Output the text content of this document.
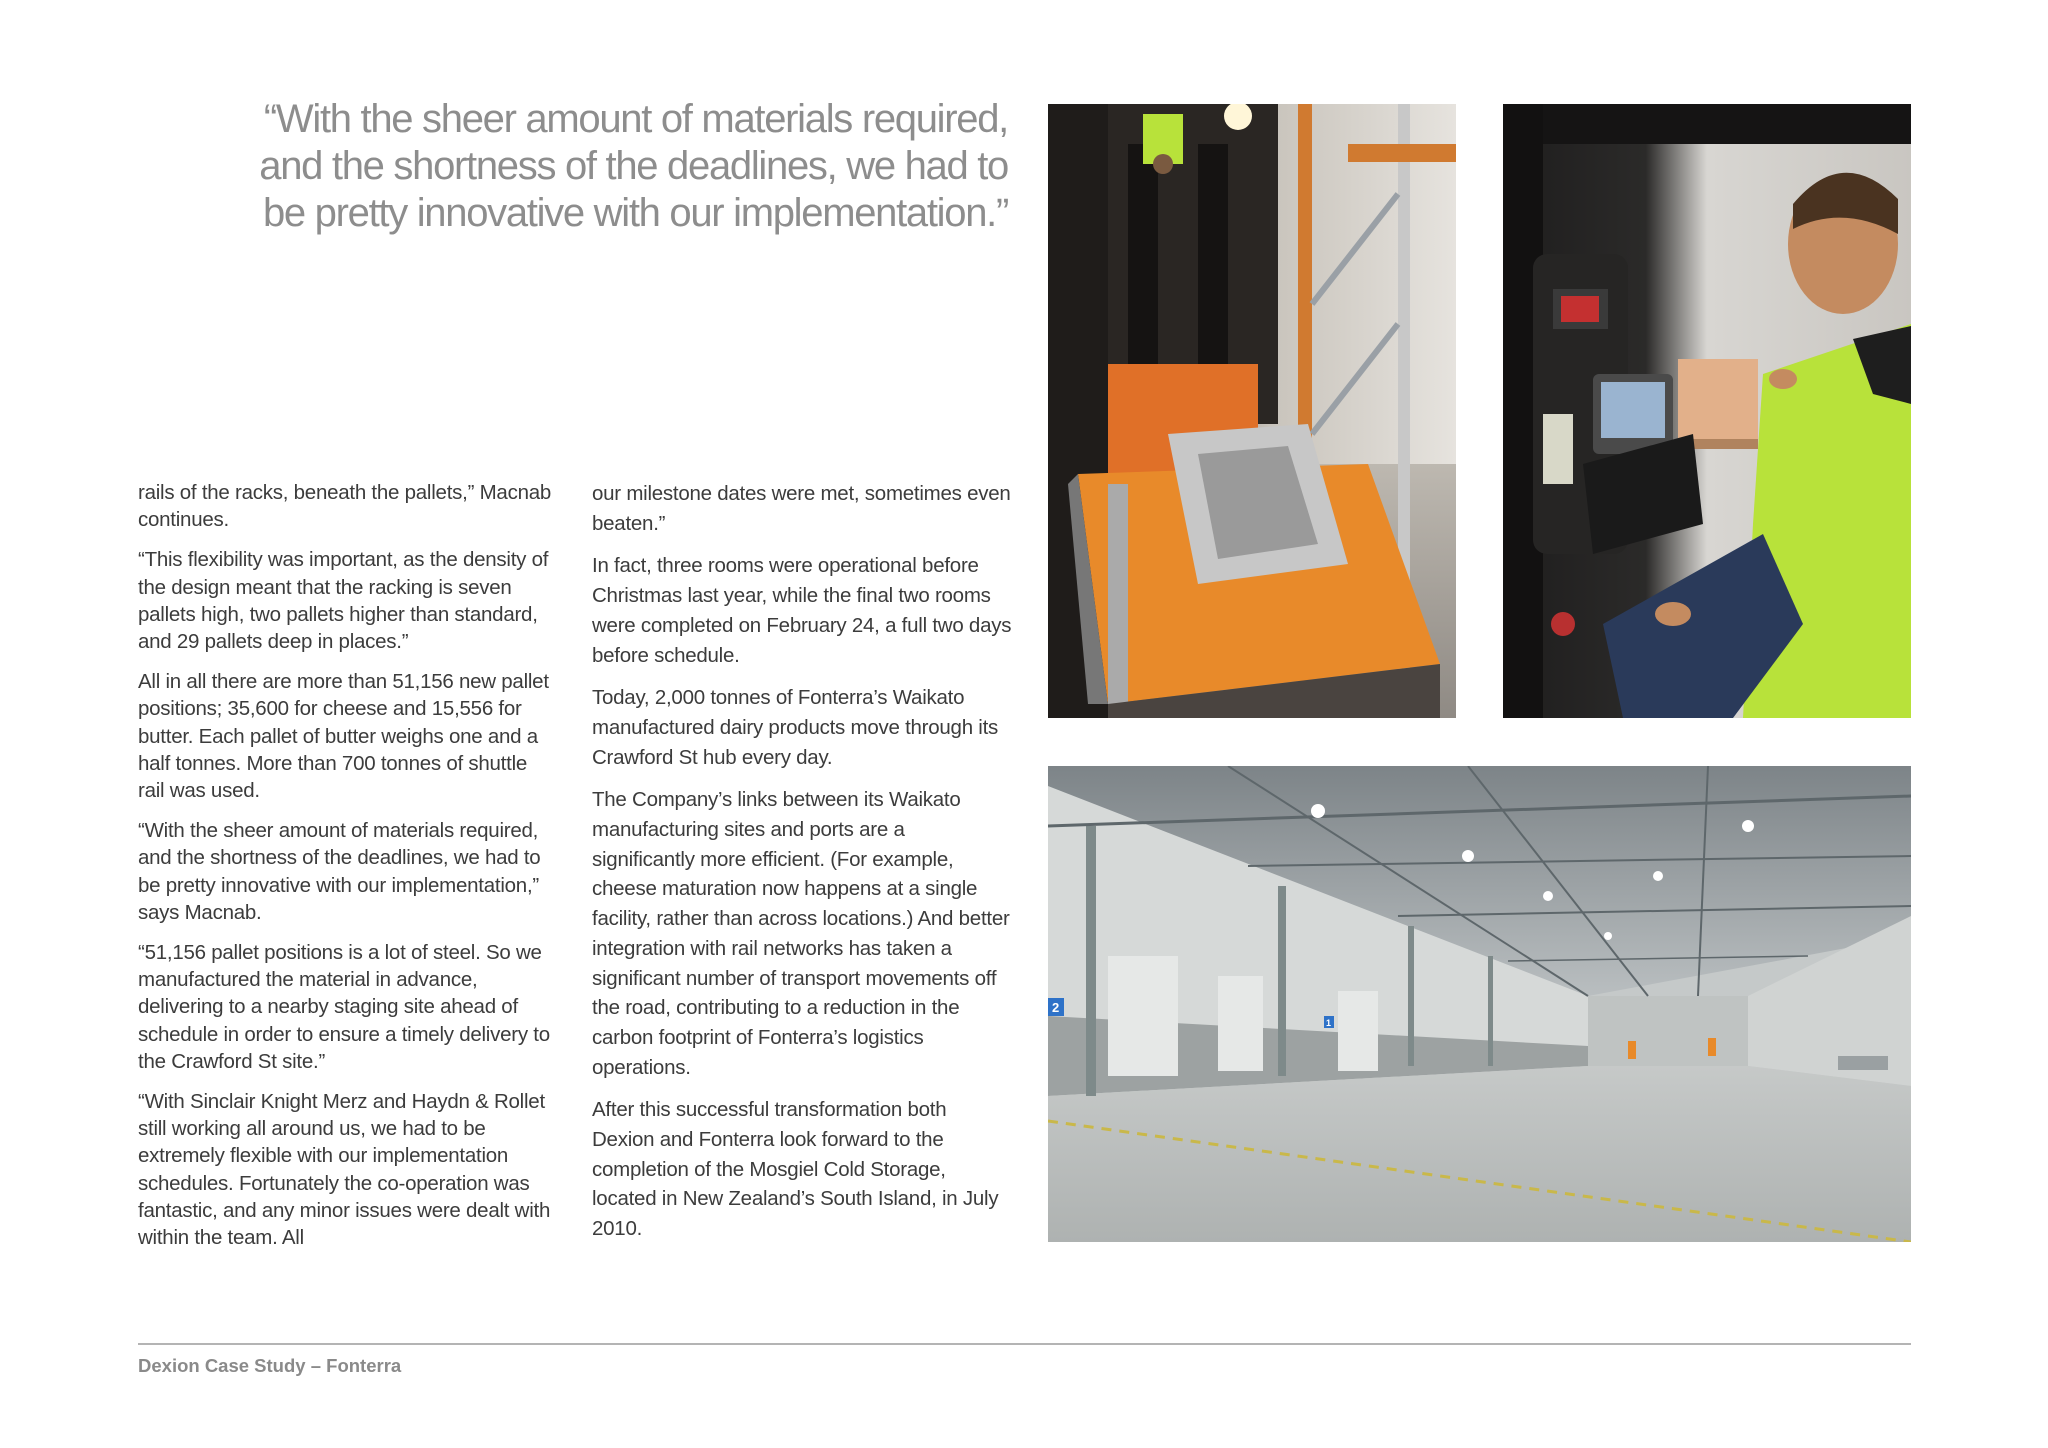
“With the sheer amount of materials required,
and the shortness of the deadlines, we had to
be pretty innovative with our implementation.”

rails of the racks, beneath the pallets,” Macnab continues.

“This flexibility was important, as the density of the design meant that the racking is seven pallets high, two pallets higher than standard, and 29 pallets deep in places.”

All in all there are more than 51,156 new pallet positions; 35,600 for cheese and 15,556 for butter. Each pallet of butter weighs one and a half tonnes. More than 700 tonnes of shuttle rail was used.

“With the sheer amount of materials required, and the shortness of the deadlines, we had to be pretty innovative with our implementation,” says Macnab.

“51,156 pallet positions is a lot of steel. So we manufactured the material in advance, delivering to a nearby staging site ahead of schedule in order to ensure a timely delivery to the Crawford St site.”

“With Sinclair Knight Merz and Haydn & Rollet still working all around us, we had to be extremely flexible with our implementation schedules. Fortunately the co-operation was fantastic, and any minor issues were dealt with within the team. All

our milestone dates were met, sometimes even beaten.”

In fact, three rooms were operational before Christmas last year, while the final two rooms were completed on February 24, a full two days before schedule.

Today, 2,000 tonnes of Fonterra’s Waikato manufactured dairy products move through its Crawford St hub every day.

The Company’s links between its Waikato manufacturing sites and ports are a significantly more efficient. (For example, cheese maturation now happens at a single facility, rather than across locations.) And better integration with rail networks has taken a significant number of transport movements off the road, contributing to a reduction in the carbon footprint of Fonterra’s logistics operations.

After this successful transformation both Dexion and Fonterra look forward to the completion of the Mosgiel Cold Storage, located in New Zealand’s South Island, in July 2010.

2
1
Dexion Case Study – Fonterra
